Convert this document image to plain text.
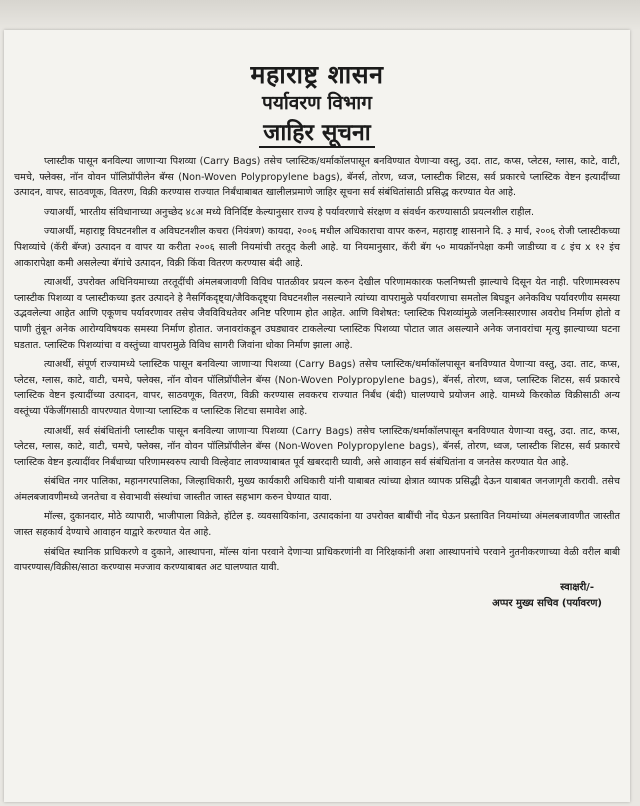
महाराष्ट्र शासन
पर्यावरण विभाग
जाहिर सूचना

प्लास्टीक पासून बनविल्या जाणाऱ्या पिशव्या (Carry Bags) तसेच प्लास्टिक/थर्माकॉलपासून बनविण्यात येणाऱ्या वस्तु, उदा. ताट, कप्स, प्लेटस, ग्लास, काटे, वाटी, चमचे, फ्लेक्स, नॉन वोवन पॉलिप्रॉपीलेन बॅग्स (Non-Woven Polypropylene bags), बॅनर्स, तोरण, ध्वज, प्लास्टीक शिटस, सर्व प्रकारचे प्लास्टिक वेष्टन इत्यादींच्या उत्पादन, वापर, साठवणूक, वितरण, विक्री करण्यास राज्यात निर्बंधाबाबत खालीलप्रमाणे जाहिर सूचना सर्व संबंधितांसाठी प्रसिद्ध करण्यात येत आहे.

ज्याअर्थी, भारतीय संविधानाच्या अनुच्छेद ४८अ मध्ये विनिर्दिष्ट केल्यानुसार राज्य हे पर्यावरणाचे संरक्षण व संवर्धन करण्यासाठी प्रयत्नशील राहील.

ज्याअर्थी, महाराष्ट्र विघटनशील व अविघटनशील कचरा (नियंत्रण) कायदा, २००६ मधील अधिकाराचा वापर करुन, महाराष्ट्र शासनाने दि. ३ मार्च, २००६ रोजी प्लास्टीकच्या पिशव्यांचे (कॅरी बॅग्ज) उत्पादन व वापर या करीता २००६ साली नियमांची तरतूद केली आहे. या नियमानुसार, कॅरी बॅग ५० मायक्रॉनपेक्षा कमी जाडीच्या व ८ इंच x १२ इंच आकारापेक्षा कमी असलेल्या बॅगांचे उत्पादन, विक्री किंवा वितरण करण्यास बंदी आहे.

त्याअर्थी, उपरोक्त अधिनियमाच्या तरतूदींची अंमलबजावणी विविध पातळीवर प्रयत्न करुन देखील परिणामकारक फलनिष्पत्ती झाल्याचे दिसून येत नाही. परिणामस्वरुप प्लास्टीक पिशव्या व प्लास्टीकच्या इतर उत्पादने हे नैसर्गिकदृष्ट्या/जैविकदृष्ट्या विघटनशील नसल्याने त्यांच्या वापरामुळे पर्यावरणाचा समतोल बिघडून अनेकविध पर्यावरणीय समस्या उद्भवलेल्या आहेत आणि एकूणच पर्यावरणावर तसेच जैवविविधतेवर अनिष्ट परिणाम होत आहेत. आणि विशेषत: प्लास्टिक पिशव्यांमुळे जलनिःस्सारणास अवरोध निर्माण होतो व पाणी तुंबून अनेक आरोग्यविषयक समस्या निर्माण होतात. जनावरांकडून उघड्यावर टाकलेल्या प्लास्टिक पिशव्या पोटात जात असल्याने अनेक जनावरांचा मृत्यु झाल्याच्या घटना घडतात. प्लास्टिक पिशव्यांचा व वस्तुंच्या वापरामुळे विविध सागरी जिवांना धोका निर्माण झाला आहे.

त्याअर्थी, संपूर्ण राज्यामध्ये प्लास्टिक पासून बनविल्या जाणाऱ्या पिशव्या (Carry Bags) तसेच प्लास्टिक/थर्माकॉलपासून बनविण्यात येणाऱ्या वस्तु, उदा. ताट, कप्स, प्लेटस, ग्लास, काटे, वाटी, चमचे, फ्लेक्स, नॉन वोवन पॉलिप्रॉपीलेन बॅग्स (Non-Woven Polypropylene bags), बॅनर्स, तोरण, ध्वज, प्लास्टिक शिटस, सर्व प्रकारचे प्लास्टिक वेष्टन इत्यादींच्या उत्पादन, वापर, साठवणूक, वितरण, विक्री करण्यास लवकरच राज्यात निर्बंध (बंदी) घालण्याचे प्रयोजन आहे. यामध्ये किरकोळ विक्रीसाठी अन्य वस्तूंच्या पॅकेजींगसाठी वापरण्यात येणाऱ्या प्लास्टिक व प्लास्टिक शिटचा समावेश आहे.

त्याअर्थी, सर्व संबंधितांनी प्लास्टीक पासून बनविल्या जाणाऱ्या पिशव्या (Carry Bags) तसेच प्लास्टिक/थर्माकॉलपासून बनविण्यात येणाऱ्या वस्तु, उदा. ताट, कप्स, प्लेटस, ग्लास, काटे, वाटी, चमचे, फ्लेक्स, नॉन वोवन पॉलिप्रॉपीलेन बॅग्स (Non-Woven Polypropylene bags), बॅनर्स, तोरण, ध्वज, प्लास्टीक शिटस, सर्व प्रकारचे प्लास्टिक वेष्टन इत्यादींवर निर्बंधाच्या परिणामस्वरुप त्याची विल्हेवाट लावण्याबाबत पूर्व खबरदारी घ्यावी, असे आवाहन सर्व संबंधितांना व जनतेस करण्यात येत आहे.

संबंधित नगर पालिका, महानगरपालिका, जिल्हाधिकारी, मुख्य कार्यकारी अधिकारी यांनी याबाबत त्यांच्या क्षेत्रात व्यापक प्रसिद्धी देऊन याबाबत जनजागृती करावी. तसेच अंमलबजावणीमध्ये जनतेचा व सेवाभावी संस्थांचा जास्तीत जास्त सहभाग करुन घेण्यात यावा.

मॉल्स, दुकानदार, मोठे व्यापारी, भाजीपाला विक्रेते, हॉटेल इ. व्यवसायिकांना, उत्पादकांना या उपरोक्त बाबींची नोंद घेऊन प्रस्तावित नियमांच्या अंमलबजावणीत जास्तीत जास्त सहकार्य देण्याचे आवाहन याद्वारे करण्यात येत आहे.

संबंधित स्थानिक प्राधिकरणे व दुकाने, आस्थापना, मॉल्स यांना परवाने देणाऱ्या प्राधिकरणांनी वा निरिक्षकांनी अशा आस्थापनांचे परवाने नुतनीकरणाच्या वेळी वरील बाबी वापरण्यास/विक्रीस/साठा करण्यास मज्जाव करण्याबाबत अट घालण्यात यावी.

स्वाक्षरी/-
अप्पर मुख्य सचिव (पर्यावरण)
